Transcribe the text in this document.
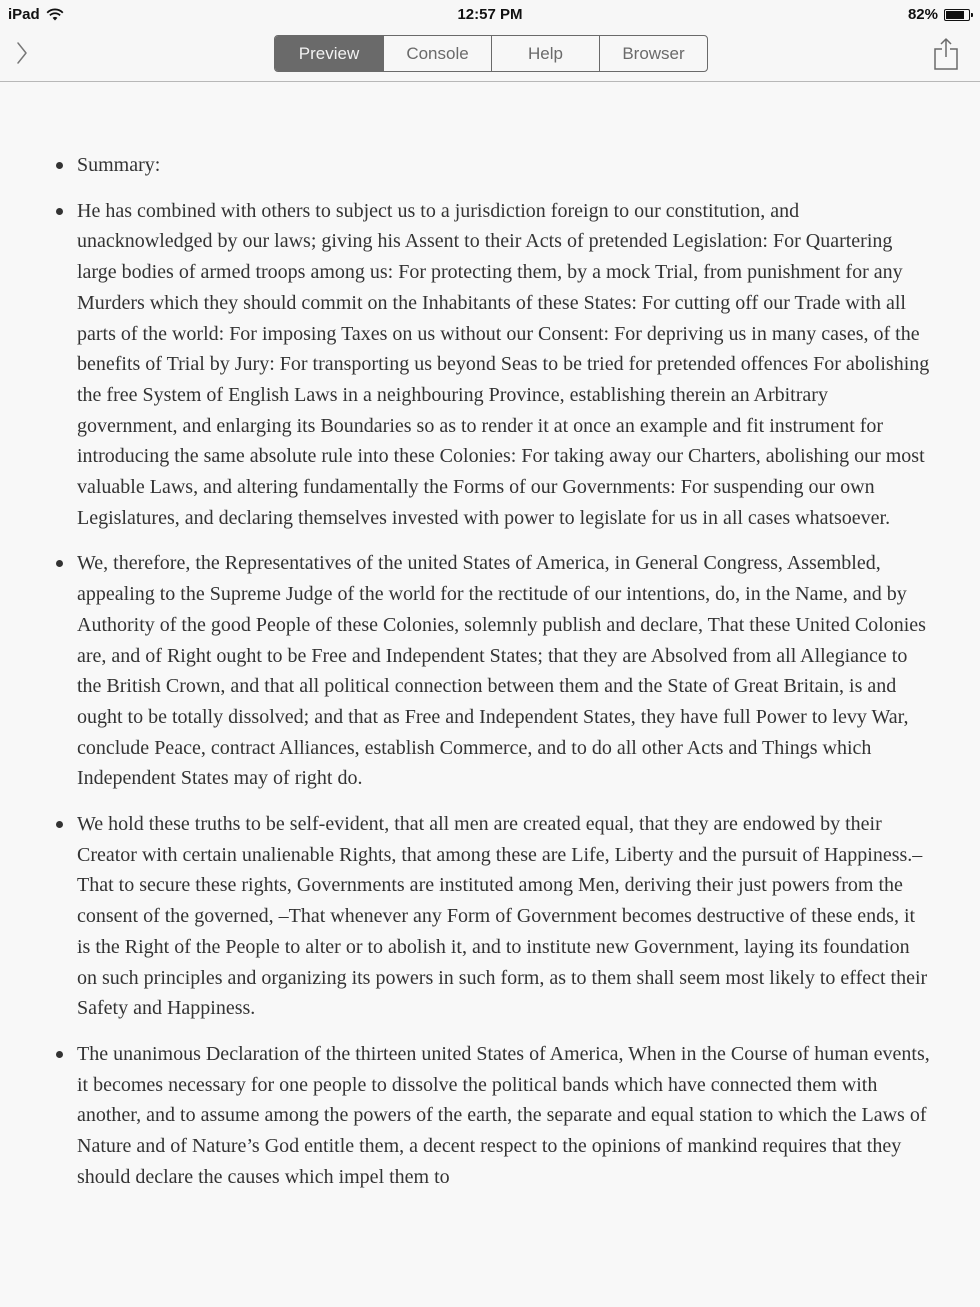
iPad	12:57 PM	82%
Preview	Console	Help	Browser
Summary:
He has combined with others to subject us to a jurisdiction foreign to our constitution, and unacknowledged by our laws; giving his Assent to their Acts of pretended Legislation: For Quartering large bodies of armed troops among us: For protecting them, by a mock Trial, from punishment for any Murders which they should commit on the Inhabitants of these States: For cutting off our Trade with all parts of the world: For imposing Taxes on us without our Consent: For depriving us in many cases, of the benefits of Trial by Jury: For transporting us beyond Seas to be tried for pretended offences For abolishing the free System of English Laws in a neighbouring Province, establishing therein an Arbitrary government, and enlarging its Boundaries so as to render it at once an example and fit instrument for introducing the same absolute rule into these Colonies: For taking away our Charters, abolishing our most valuable Laws, and altering fundamentally the Forms of our Governments: For suspending our own Legislatures, and declaring themselves invested with power to legislate for us in all cases whatsoever.
We, therefore, the Representatives of the united States of America, in General Congress, Assembled, appealing to the Supreme Judge of the world for the rectitude of our intentions, do, in the Name, and by Authority of the good People of these Colonies, solemnly publish and declare, That these United Colonies are, and of Right ought to be Free and Independent States; that they are Absolved from all Allegiance to the British Crown, and that all political connection between them and the State of Great Britain, is and ought to be totally dissolved; and that as Free and Independent States, they have full Power to levy War, conclude Peace, contract Alliances, establish Commerce, and to do all other Acts and Things which Independent States may of right do.
We hold these truths to be self-evident, that all men are created equal, that they are endowed by their Creator with certain unalienable Rights, that among these are Life, Liberty and the pursuit of Happiness.–That to secure these rights, Governments are instituted among Men, deriving their just powers from the consent of the governed, –That whenever any Form of Government becomes destructive of these ends, it is the Right of the People to alter or to abolish it, and to institute new Government, laying its foundation on such principles and organizing its powers in such form, as to them shall seem most likely to effect their Safety and Happiness.
The unanimous Declaration of the thirteen united States of America, When in the Course of human events, it becomes necessary for one people to dissolve the political bands which have connected them with another, and to assume among the powers of the earth, the separate and equal station to which the Laws of Nature and of Nature’s God entitle them, a decent respect to the opinions of mankind requires that they should declare the causes which impel them to
